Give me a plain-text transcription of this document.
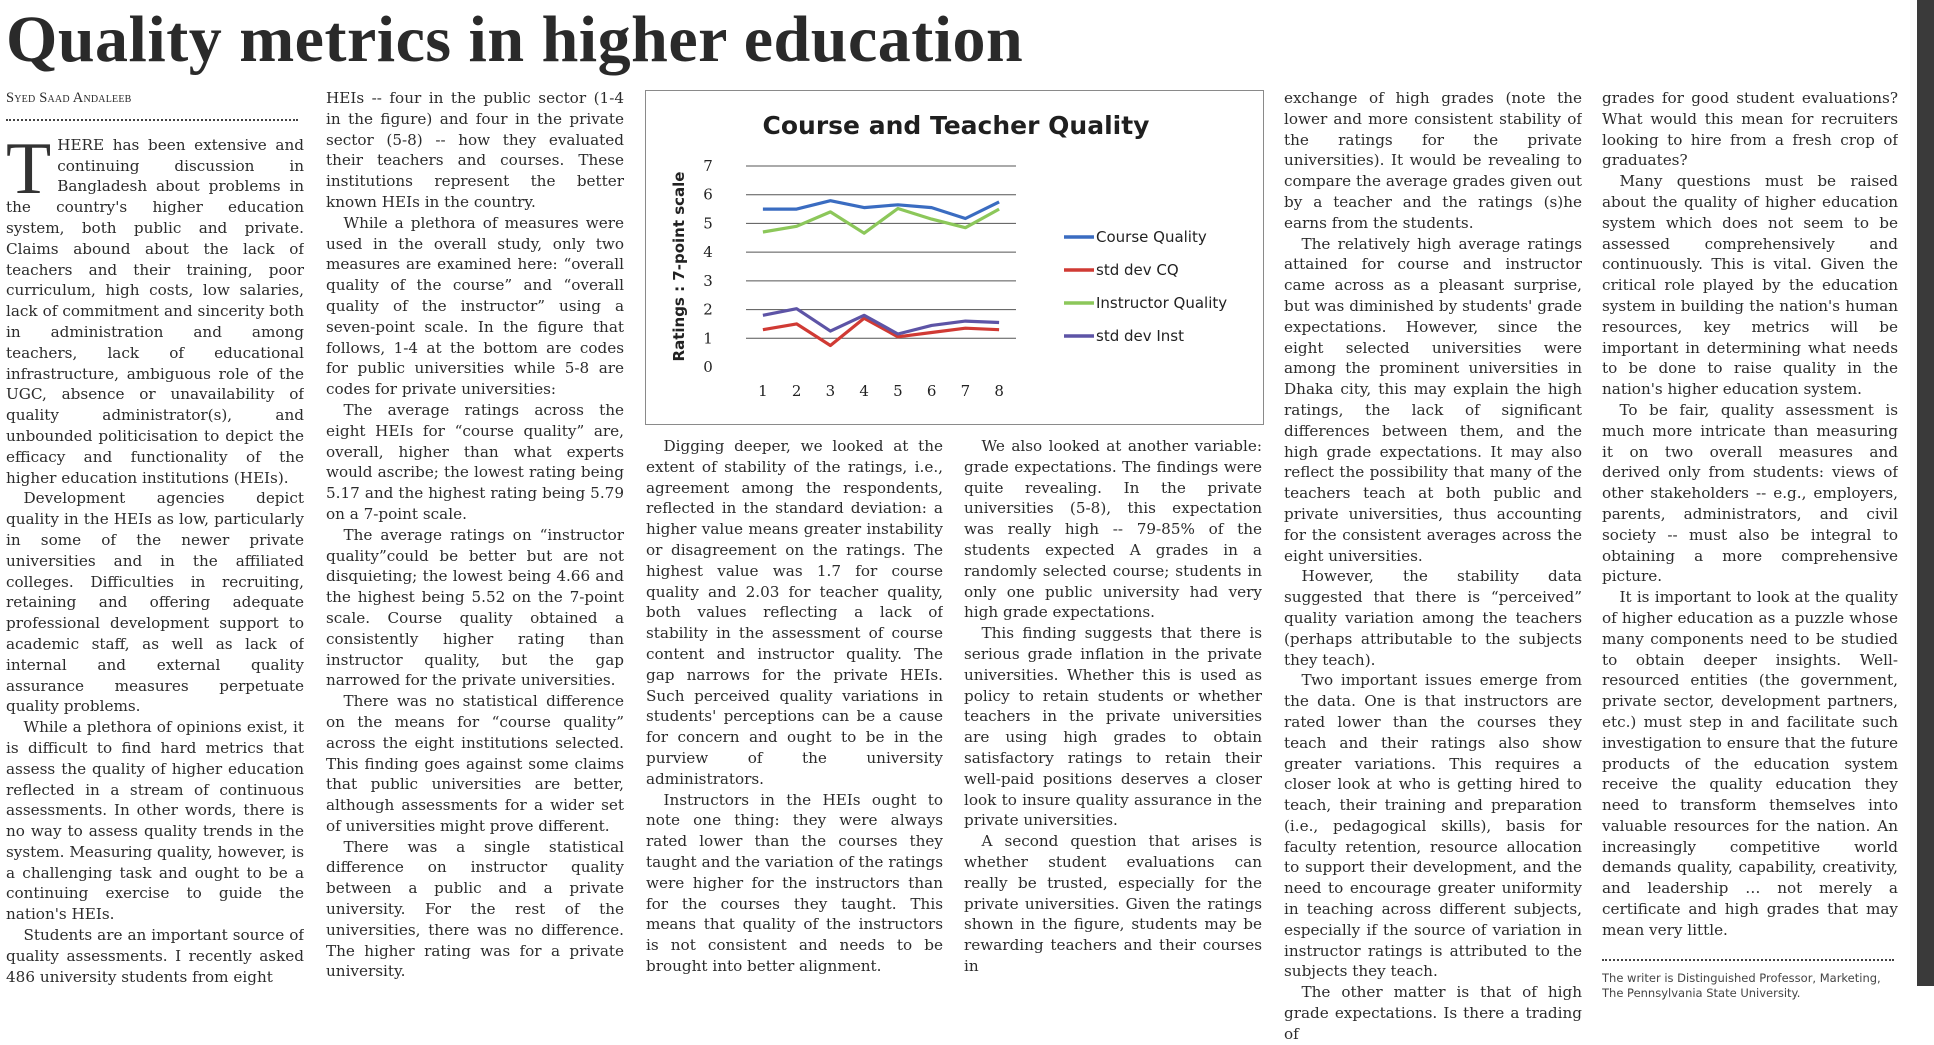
Quality metrics in higher education
Syed Saad Andaleeb

THERE has been extensive and continuing discussion in Bangladesh about problems in the country's higher education system, both public and private. Claims abound about the lack of teachers and their training, poor curriculum, high costs, low salaries, lack of commitment and sincerity both in administration and among teachers, lack of educational infrastructure, ambiguous role of the UGC, absence or unavailability of quality administrator(s), and unbounded politicisation to depict the efficacy and functionality of the higher education institutions (HEIs).

Development agencies depict quality in the HEIs as low, particularly in some of the newer private universities and in the affiliated colleges. Difficulties in recruiting, retaining and offering adequate professional development support to academic staff, as well as lack of internal and external quality assurance measures perpetuate quality problems.

While a plethora of opinions exist, it is difficult to find hard metrics that assess the quality of higher education reflected in a stream of continuous assessments. In other words, there is no way to assess quality trends in the system. Measuring quality, however, is a challenging task and ought to be a continuing exercise to guide the nation's HEIs.

Students are an important source of quality assessments. I recently asked 486 university students from eight

HEIs -- four in the public sector (1-4 in the figure) and four in the private sector (5-8) -- how they evaluated their teachers and courses. These institutions represent the better known HEIs in the country.

While a plethora of measures were used in the overall study, only two measures are examined here: “overall quality of the course” and “overall quality of the instructor” using a seven-point scale. In the figure that follows, 1-4 at the bottom are codes for public universities while 5-8 are codes for private universities:

The average ratings across the eight HEIs for “course quality” are, overall, higher than what experts would ascribe; the lowest rating being 5.17 and the highest rating being 5.79 on a 7-point scale.

The average ratings on “instructor quality”could be better but are not disquieting; the lowest being 4.66 and the highest being 5.52 on the 7-point scale. Course quality obtained a consistently higher rating than instructor quality, but the gap narrowed for the private universities.

There was no statistical difference on the means for “course quality” across the eight institutions selected. This finding goes against some claims that public universities are better, although assessments for a wider set of universities might prove different.

There was a single statistical difference on instructor quality between a public and a private university. For the rest of the universities, there was no difference. The higher rating was for a private university.

Course and Teacher Quality
0
1
2
3
4
5
6
7
Ratings : 7-point scale
1 2 3 4 5 6 7 8
Course Quality
std dev CQ
Instructor Quality
std dev Inst

Digging deeper, we looked at the extent of stability of the ratings, i.e., agreement among the respondents, reflected in the standard deviation: a higher value means greater instability or disagreement on the ratings. The highest value was 1.7 for course quality and 2.03 for teacher quality, both values reflecting a lack of stability in the assessment of course content and instructor quality. The gap narrows for the private HEIs. Such perceived quality variations in students' perceptions can be a cause for concern and ought to be in the purview of the university administrators.

Instructors in the HEIs ought to note one thing: they were always rated lower than the courses they taught and the variation of the ratings were higher for the instructors than for the courses they taught. This means that quality of the instructors is not consistent and needs to be brought into better alignment.

We also looked at another variable: grade expectations. The findings were quite revealing. In the private universities (5-8), this expectation was really high -- 79-85% of the students expected A grades in a randomly selected course; students in only one public university had very high grade expectations.

This finding suggests that there is serious grade inflation in the private universities. Whether this is used as policy to retain students or whether teachers in the private universities are using high grades to obtain satisfactory ratings to retain their well-paid positions deserves a closer look to insure quality assurance in the private universities.

A second question that arises is whether student evaluations can really be trusted, especially for the private universities. Given the ratings shown in the figure, students may be rewarding teachers and their courses in

exchange of high grades (note the lower and more consistent stability of the ratings for the private universities). It would be revealing to compare the average grades given out by a teacher and the ratings (s)he earns from the students.

The relatively high average ratings attained for course and instructor came across as a pleasant surprise, but was diminished by students' grade expectations. However, since the eight selected universities were among the prominent universities in Dhaka city, this may explain the high ratings, the lack of significant differences between them, and the high grade expectations. It may also reflect the possibility that many of the teachers teach at both public and private universities, thus accounting for the consistent averages across the eight universities.

However, the stability data suggested that there is “perceived” quality variation among the teachers (perhaps attributable to the subjects they teach).

Two important issues emerge from the data. One is that instructors are rated lower than the courses they teach and their ratings also show greater variations. This requires a closer look at who is getting hired to teach, their training and preparation (i.e., pedagogical skills), basis for faculty retention, resource allocation to support their development, and the need to encourage greater uniformity in teaching across different subjects, especially if the source of variation in instructor ratings is attributed to the subjects they teach.

The other matter is that of high grade expectations. Is there a trading of

grades for good student evaluations? What would this mean for recruiters looking to hire from a fresh crop of graduates?

Many questions must be raised about the quality of higher education system which does not seem to be assessed comprehensively and continuously. This is vital. Given the critical role played by the education system in building the nation's human resources, key metrics will be important in determining what needs to be done to raise quality in the nation's higher education system.

To be fair, quality assessment is much more intricate than measuring it on two overall measures and derived only from students: views of other stakeholders -- e.g., employers, parents, administrators, and civil society -- must also be integral to obtaining a more comprehensive picture.

It is important to look at the quality of higher education as a puzzle whose many components need to be studied to obtain deeper insights. Well-resourced entities (the government, private sector, development partners, etc.) must step in and facilitate such investigation to ensure that the future products of the education system receive the quality education they need to transform themselves into valuable resources for the nation. An increasingly competitive world demands quality, capability, creativity, and leadership … not merely a certificate and high grades that may mean very little.

The writer is Distinguished Professor, Marketing, The Pennsylvania State University.
